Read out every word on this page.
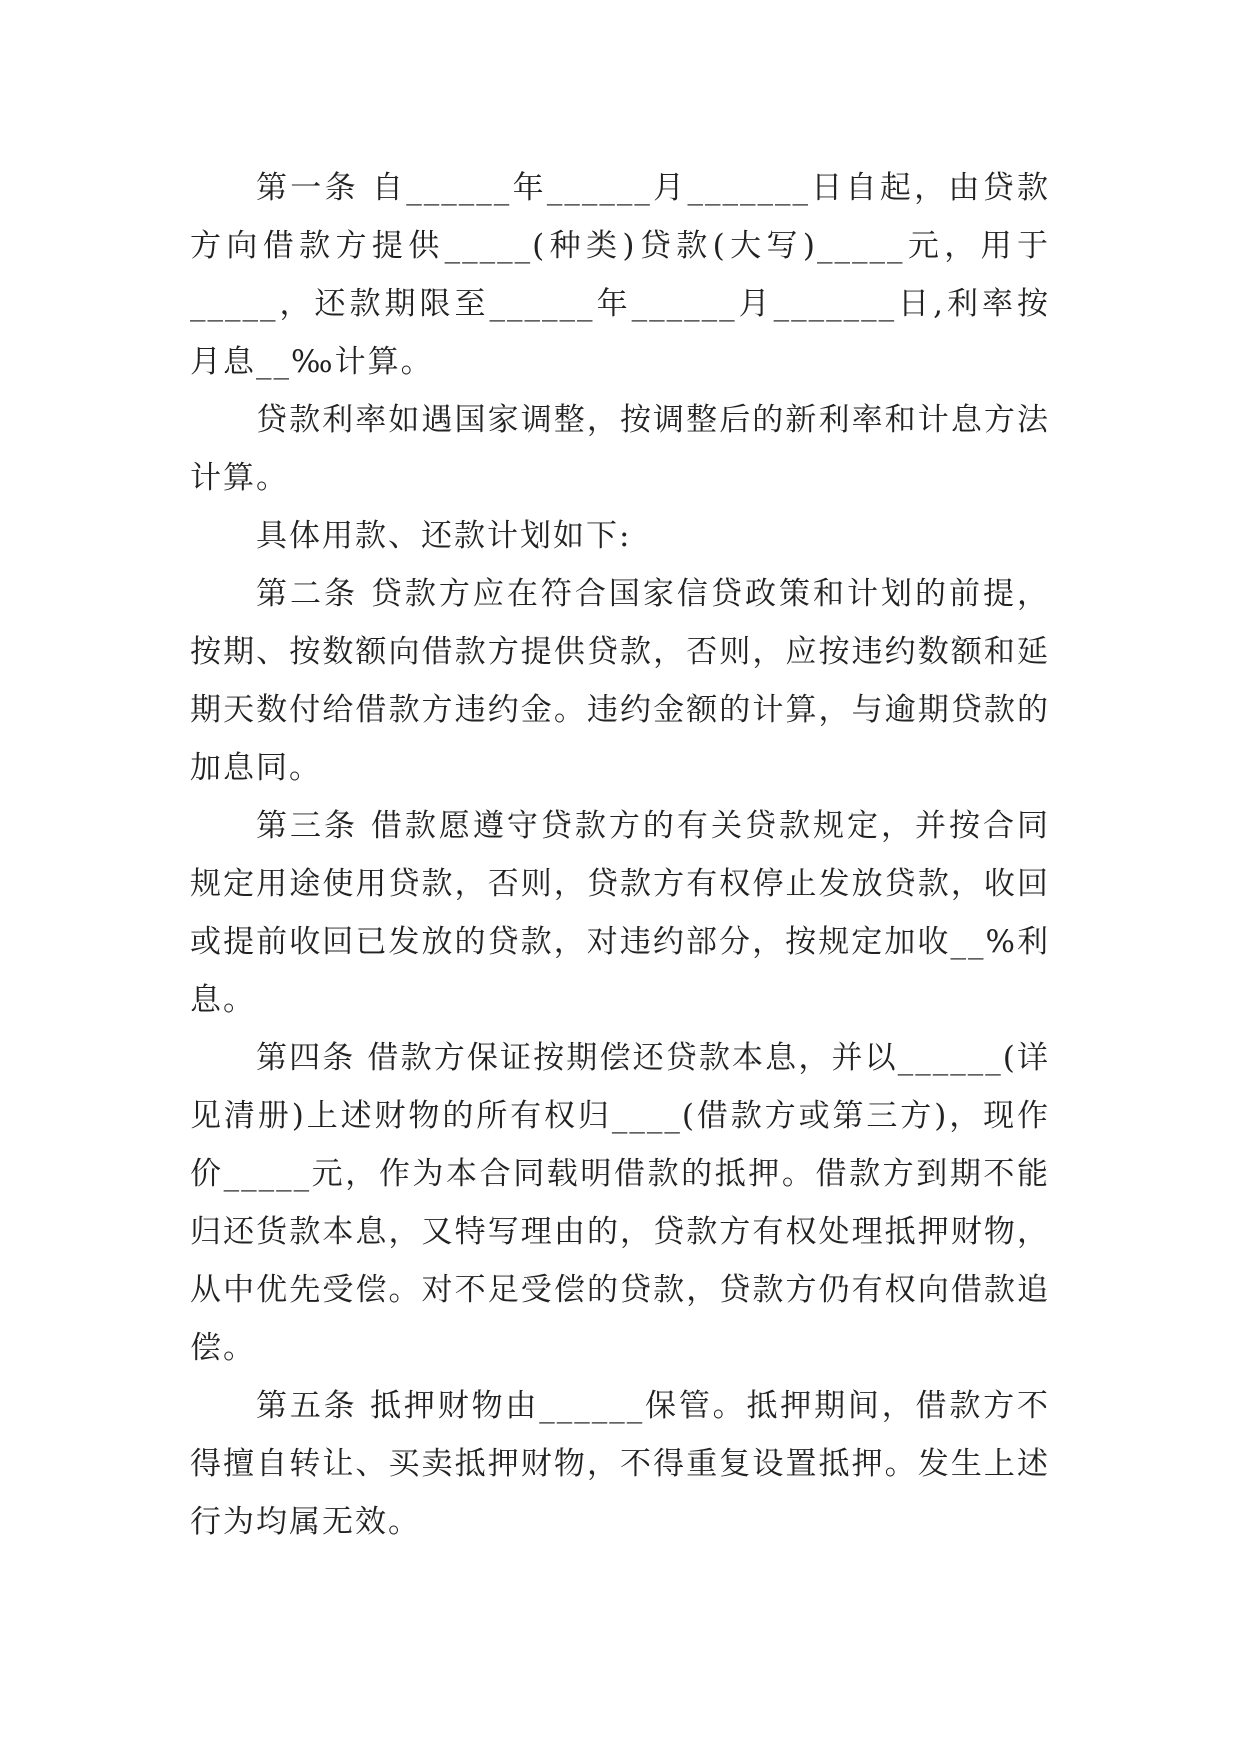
第一条 自______年______月_______日自起，由贷款方向借款方提供_____(种类)贷款(大写)_____元，用于_____，还款期限至______年______月_______日,利率按月息__‰计算。

贷款利率如遇国家调整，按调整后的新利率和计息方法计算。

具体用款、还款计划如下:

第二条 贷款方应在符合国家信贷政策和计划的前提，按期、按数额向借款方提供贷款，否则，应按违约数额和延期天数付给借款方违约金。违约金额的计算，与逾期贷款的加息同。

第三条 借款愿遵守贷款方的有关贷款规定，并按合同规定用途使用贷款，否则，贷款方有权停止发放贷款，收回或提前收回已发放的贷款，对违约部分，按规定加收__%利息。

第四条 借款方保证按期偿还贷款本息，并以______(详见清册)上述财物的所有权归____(借款方或第三方)，现作价_____元，作为本合同载明借款的抵押。借款方到期不能归还货款本息，又特写理由的，贷款方有权处理抵押财物，从中优先受偿。对不足受偿的贷款，贷款方仍有权向借款追偿。

第五条 抵押财物由______保管。抵押期间，借款方不得擅自转让、买卖抵押财物，不得重复设置抵押。发生上述行为均属无效。
